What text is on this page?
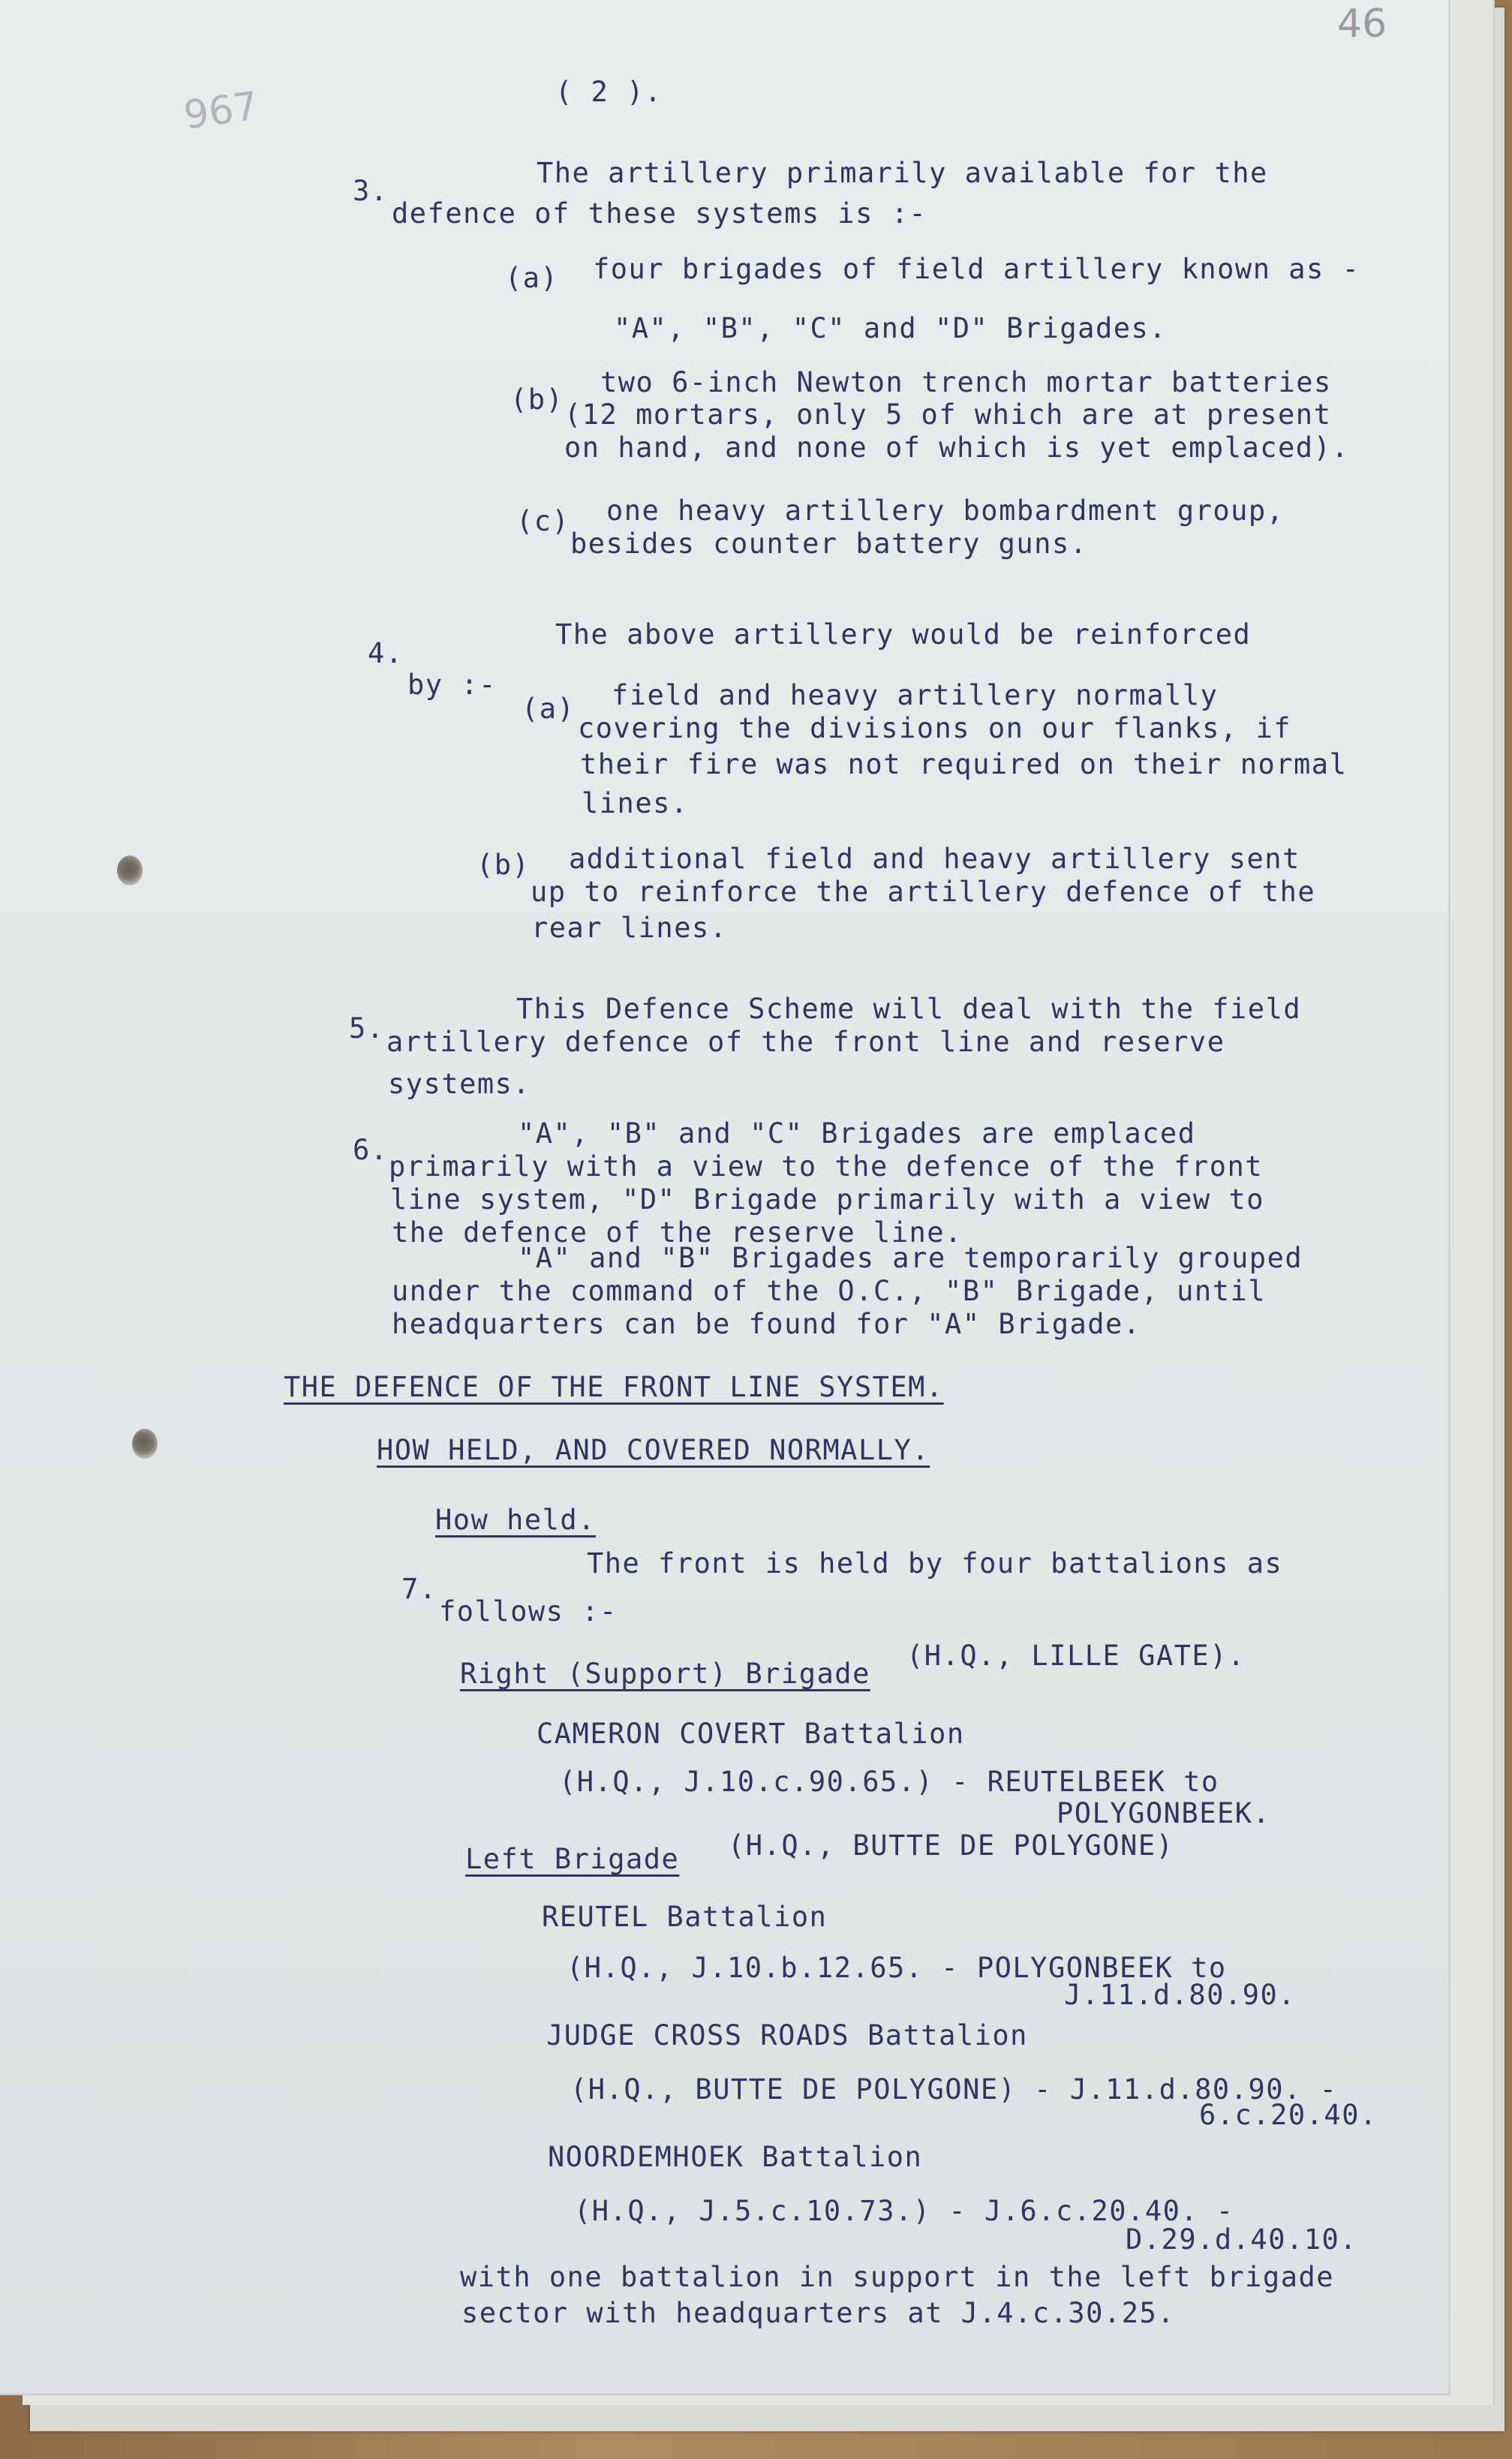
46
967	( 2 ).

3.

The artillery primarily available for the

defence of these systems is :-

(a) four brigades of field artillery known as -

"A", "B", "C" and "D" Brigades.

(b)

two 6-inch Newton trench mortar batteries

(12 mortars, only 5 of which are at present

on hand, and none of which is yet emplaced).

(c) one heavy artillery bombardment group,

besides counter battery guns.

4.

The above artillery would be reinforced

by :-

(a) field and heavy artillery normally

covering the divisions on our flanks, if

their fire was not required on their normal

lines.

(b) additional field and heavy artillery sent

up to reinforce the artillery defence of the

rear lines.

5.

This Defence Scheme will deal with the field

artillery defence of the front line and reserve

systems.

6.

"A", "B" and "C" Brigades are emplaced

primarily with a view to the defence of the front

line system, "D" Brigade primarily with a view to

the defence of the reserve line.

"A" and "B" Brigades are temporarily grouped

under the command of the O.C., "B" Brigade, until

headquarters can be found for "A" Brigade.

THE DEFENCE OF THE FRONT LINE SYSTEM.

HOW HELD, AND COVERED NORMALLY.

How held.

7.

The front is held by four battalions as

follows :-

Right (Support) Brigade

(H.Q., LILLE GATE).

CAMERON COVERT Battalion

(H.Q., J.10.c.90.65.) - REUTELBEEK to

POLYGONBEEK.

Left Brigade (H.Q., BUTTE DE POLYGONE)

REUTEL Battalion

(H.Q., J.10.b.12.65. - POLYGONBEEK to

J.11.d.80.90.

JUDGE CROSS ROADS Battalion

(H.Q., BUTTE DE POLYGONE) - J.11.d.80.90. -

6.c.20.40.

NOORDEMHOEK Battalion

(H.Q., J.5.c.10.73.) - J.6.c.20.40. -

D.29.d.40.10.

with one battalion in support in the left brigade

sector with headquarters at J.4.c.30.25.
